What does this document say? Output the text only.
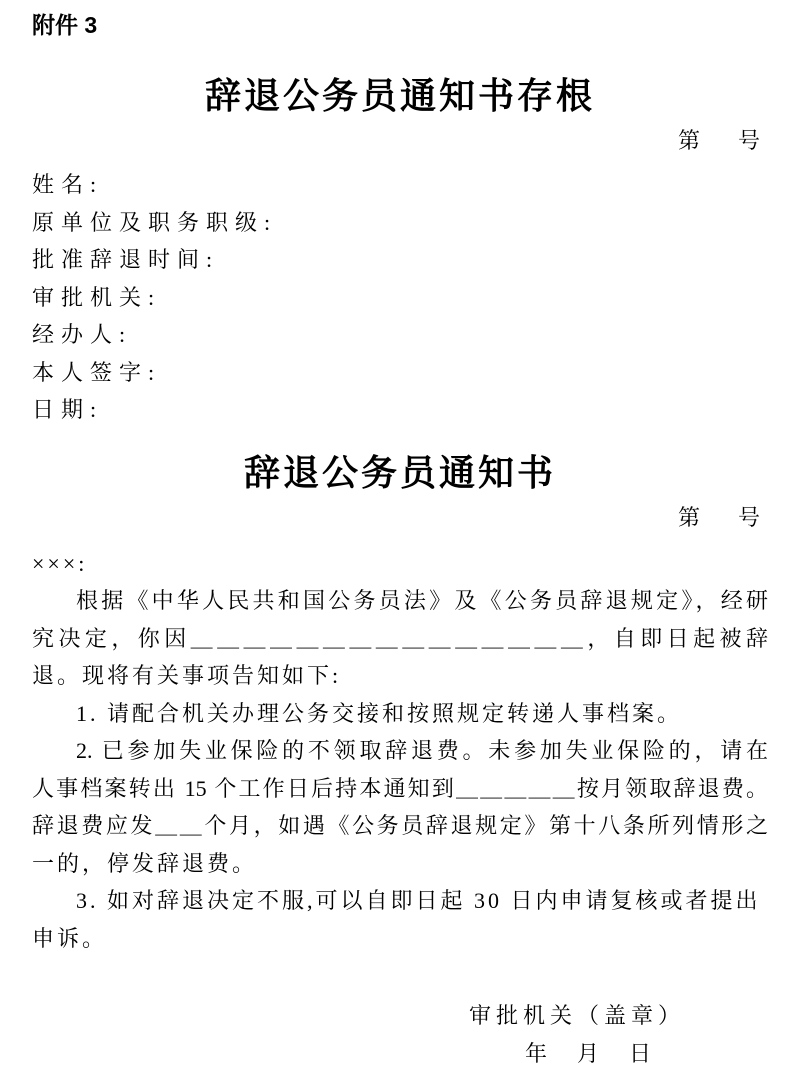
附件 3
辞退公务员通知书存根
第　号
姓名:
原单位及职务职级:
批准辞退时间:
审批机关:
经办人:
本人签字:
日期:
辞退公务员通知书
第　号
×××:
根据《中华人民共和国公务员法》及《公务员辞退规定》，经研
究决定，你因＿＿＿＿＿＿＿＿＿＿＿＿＿＿＿，自即日起被辞
退。现将有关事项告知如下:
1. 请配合机关办理公务交接和按照规定转递人事档案。
2. 已参加失业保险的不领取辞退费。未参加失业保险的，请在
人事档案转出 15 个工作日后持本通知到＿＿＿＿＿按月领取辞退费。
辞退费应发＿＿个月，如遇《公务员辞退规定》第十八条所列情形之
一的，停发辞退费。
3. 如对辞退决定不服,可以自即日起 30 日内申请复核或者提出申诉。
审批机关（盖章）
年　月　日
